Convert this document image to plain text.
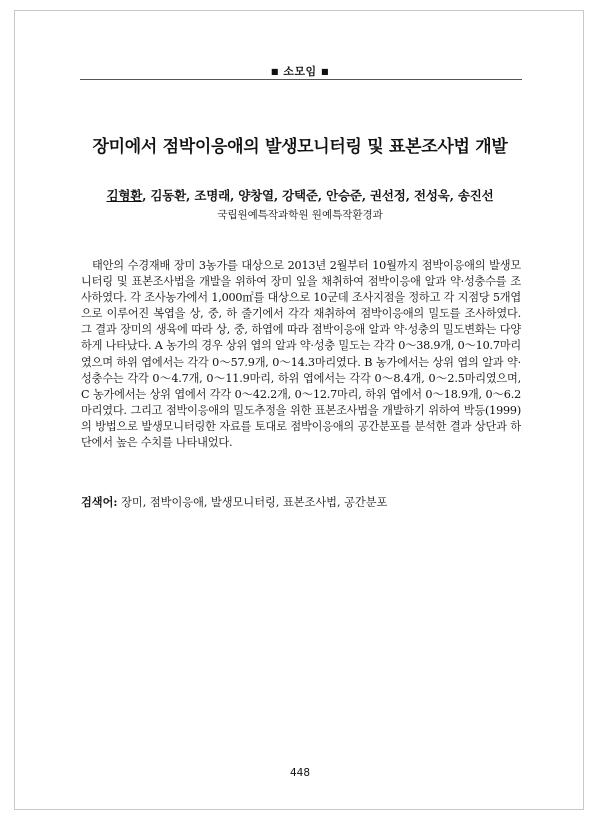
■ 소모임 ■
장미에서 점박이응애의 발생모니터링 및 표본조사법 개발
김형환, 김동환, 조명래, 양창열, 강택준, 안승준, 권선정, 전성욱, 송진선
국립원예특작과학원 원예특작환경과

태안의 수경재배 장미 3농가를 대상으로 2013년 2월부터 10월까지 점박이응애의 발생모니터링 및 표본조사법을 개발을 위하여 장미 잎을 채취하여 점박이응애 알과 약·성충수를 조사하였다. 각 조사농가에서 1,000㎡를 대상으로 10군데 조사지점을 정하고 각 지점당 5개엽으로 이루어진 복엽을 상, 중, 하 줄기에서 각각 채취하여 점박이응애의 밀도를 조사하였다. 그 결과 장미의 생육에 따라 상, 중, 하엽에 따라 점박이응애 알과 약·성충의 밀도변화는 다양하게 나타났다. A 농가의 경우 상위 엽의 알과 약·성충 밀도는 각각 0～38.9개, 0～10.7마리였으며 하위 엽에서는 각각 0～57.9개, 0～14.3마리였다. B 농가에서는 상위 엽의 알과 약·성충수는 각각 0～4.7개, 0～11.9마리, 하위 엽에서는 각각 0～8.4개, 0～2.5마리였으며, C 농가에서는 상위 엽에서 각각 0～42.2개, 0～12.7마리, 하위 엽에서 0～18.9개, 0～6.2마리였다. 그리고 점박이응애의 밀도추정을 위한 표본조사법을 개발하기 위하여 박등(1999)의 방법으로 발생모니터링한 자료를 토대로 점박이응애의 공간분포를 분석한 결과 상단과 하단에서 높은 수치를 나타내었다.

검색어: 장미, 점박이응애, 발생모니터링, 표본조사법, 공간분포
448
